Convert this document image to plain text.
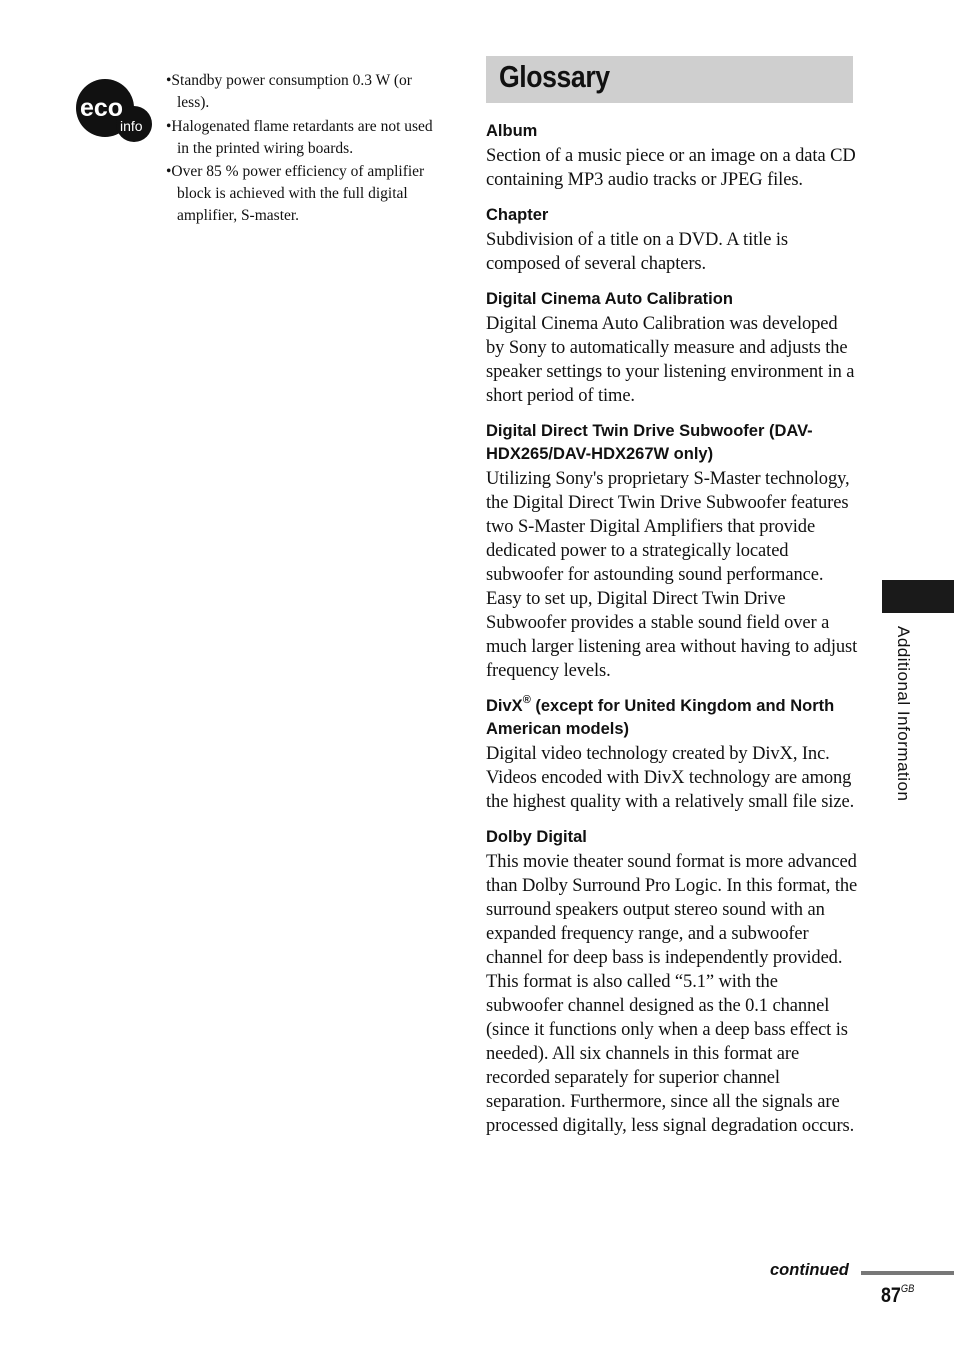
eco
info
•Standby power consumption 0.3 W (or less).
•Halogenated flame retardants are not used in the printed wiring boards.
•Over 85 % power efficiency of amplifier block is achieved with the full digital amplifier, S-master.
Glossary

Album

Section of a music piece or an image on a data CD containing MP3 audio tracks or JPEG files.

Chapter

Subdivision of a title on a DVD. A title is composed of several chapters.

Digital Cinema Auto Calibration

Digital Cinema Auto Calibration was developed by Sony to automatically measure and adjusts the speaker settings to your listening environment in a short period of time.

Digital Direct Twin Drive Subwoofer (DAV-HDX265/DAV-HDX267W only)

Utilizing Sony's proprietary S-Master technology, the Digital Direct Twin Drive Subwoofer features two S-Master Digital Amplifiers that provide dedicated power to a strategically located subwoofer for astounding sound performance. Easy to set up, Digital Direct Twin Drive Subwoofer provides a stable sound field over a much larger listening area without having to adjust frequency levels.

DivX® (except for United Kingdom and North American models)

Digital video technology created by DivX, Inc. Videos encoded with DivX technology are among the highest quality with a relatively small file size.

Dolby Digital

This movie theater sound format is more advanced than Dolby Surround Pro Logic. In this format, the surround speakers output stereo sound with an expanded frequency range, and a subwoofer channel for deep bass is independently provided. This format is also called “5.1” with the subwoofer channel designed as the 0.1 channel (since it functions only when a deep bass effect is needed). All six channels in this format are recorded separately for superior channel separation. Furthermore, since all the signals are processed digitally, less signal degradation occurs.

Additional Information
continued
$87^{GB}$
